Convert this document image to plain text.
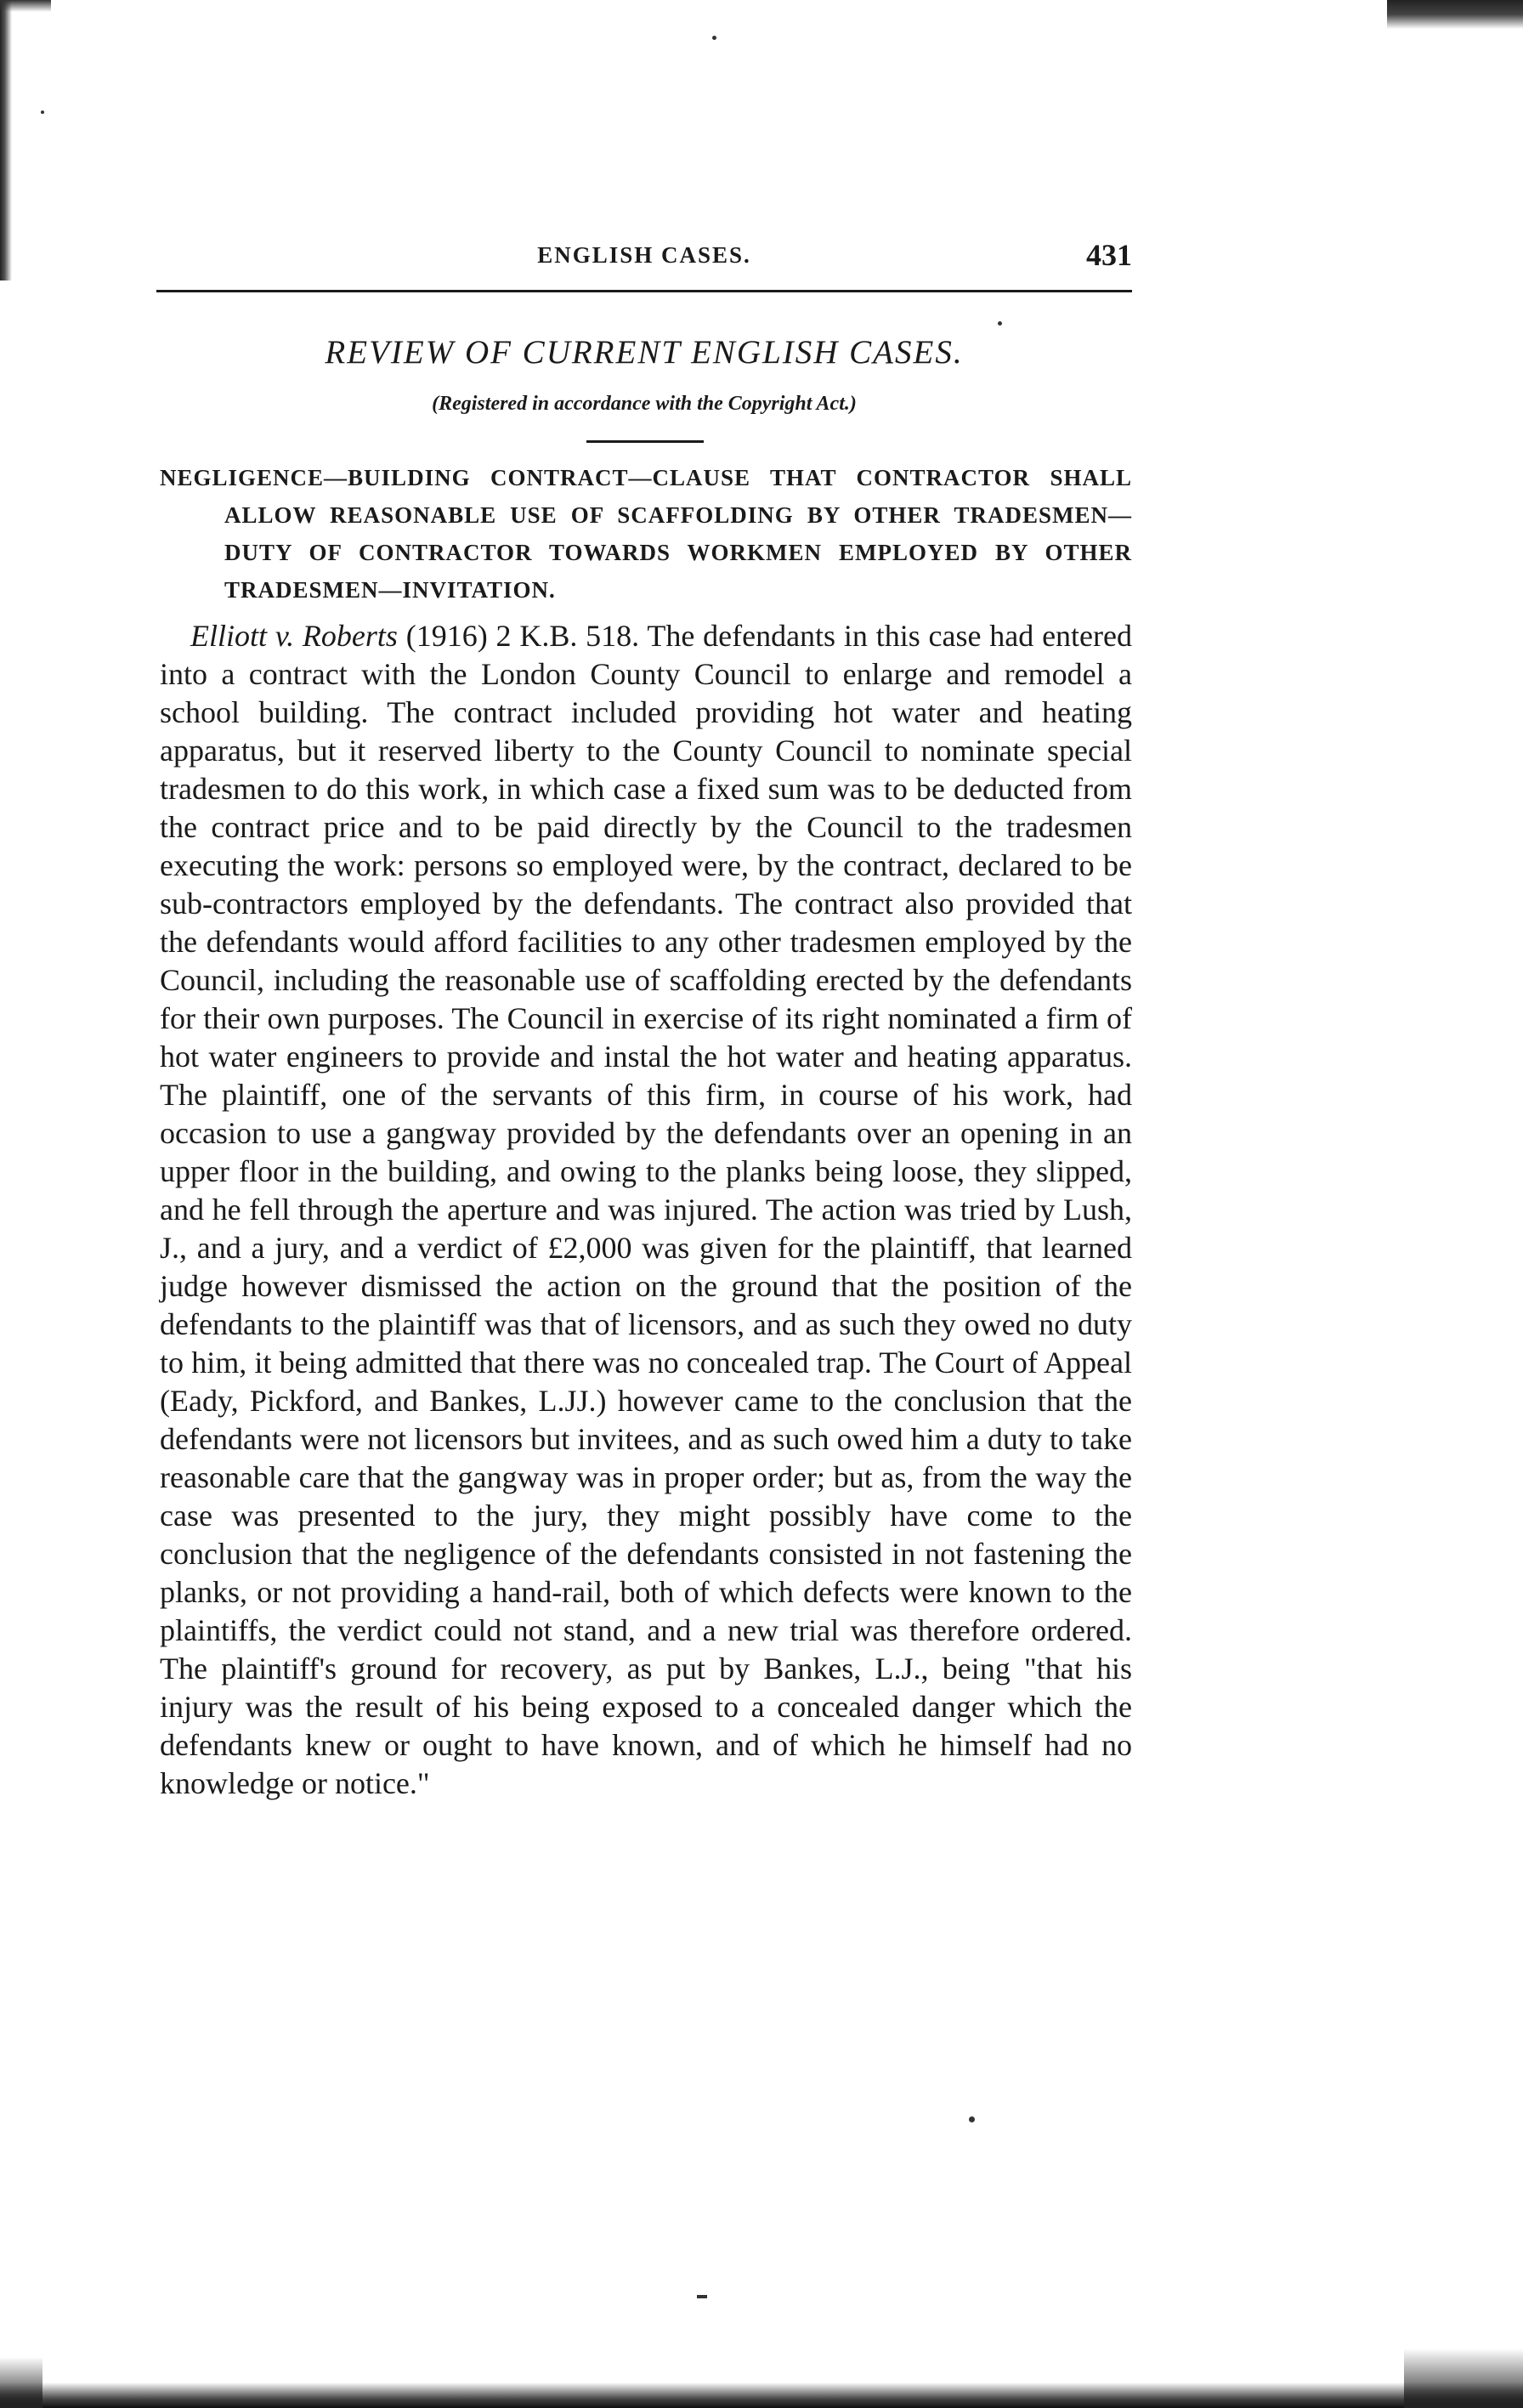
ENGLISH CASES.	431
REVIEW OF CURRENT ENGLISH CASES.
(Registered in accordance with the Copyright Act.)
NEGLIGENCE—BUILDING CONTRACT—CLAUSE THAT CONTRACTOR SHALL ALLOW REASONABLE USE OF SCAFFOLDING BY OTHER TRADESMEN—DUTY OF CONTRACTOR TOWARDS WORKMEN EMPLOYED BY OTHER TRADESMEN—INVITATION.

Elliott v. Roberts (1916) 2 K.B. 518. The defendants in this case had entered into a contract with the London County Council to enlarge and remodel a school building. The contract included providing hot water and heating apparatus, but it reserved liberty to the County Council to nominate special tradesmen to do this work, in which case a fixed sum was to be deducted from the contract price and to be paid directly by the Council to the tradesmen executing the work: persons so employed were, by the contract, declared to be sub-contractors employed by the defendants. The contract also provided that the defendants would afford facilities to any other tradesmen employed by the Council, including the reasonable use of scaffolding erected by the defendants for their own purposes. The Council in exercise of its right nominated a firm of hot water engineers to provide and instal the hot water and heating apparatus. The plaintiff, one of the servants of this firm, in course of his work, had occasion to use a gangway provided by the defendants over an opening in an upper floor in the building, and owing to the planks being loose, they slipped, and he fell through the aperture and was injured. The action was tried by Lush, J., and a jury, and a verdict of £2,000 was given for the plaintiff, that learned judge however dismissed the action on the ground that the position of the defendants to the plaintiff was that of licensors, and as such they owed no duty to him, it being admitted that there was no concealed trap. The Court of Appeal (Eady, Pickford, and Bankes, L.JJ.) however came to the conclusion that the defendants were not licensors but invitees, and as such owed him a duty to take reasonable care that the gangway was in proper order; but as, from the way the case was presented to the jury, they might possibly have come to the conclusion that the negligence of the defendants consisted in not fastening the planks, or not providing a hand-rail, both of which defects were known to the plaintiffs, the verdict could not stand, and a new trial was therefore ordered. The plaintiff's ground for recovery, as put by Bankes, L.J., being "that his injury was the result of his being exposed to a concealed danger which the defendants knew or ought to have known, and of which he himself had no knowledge or notice."
